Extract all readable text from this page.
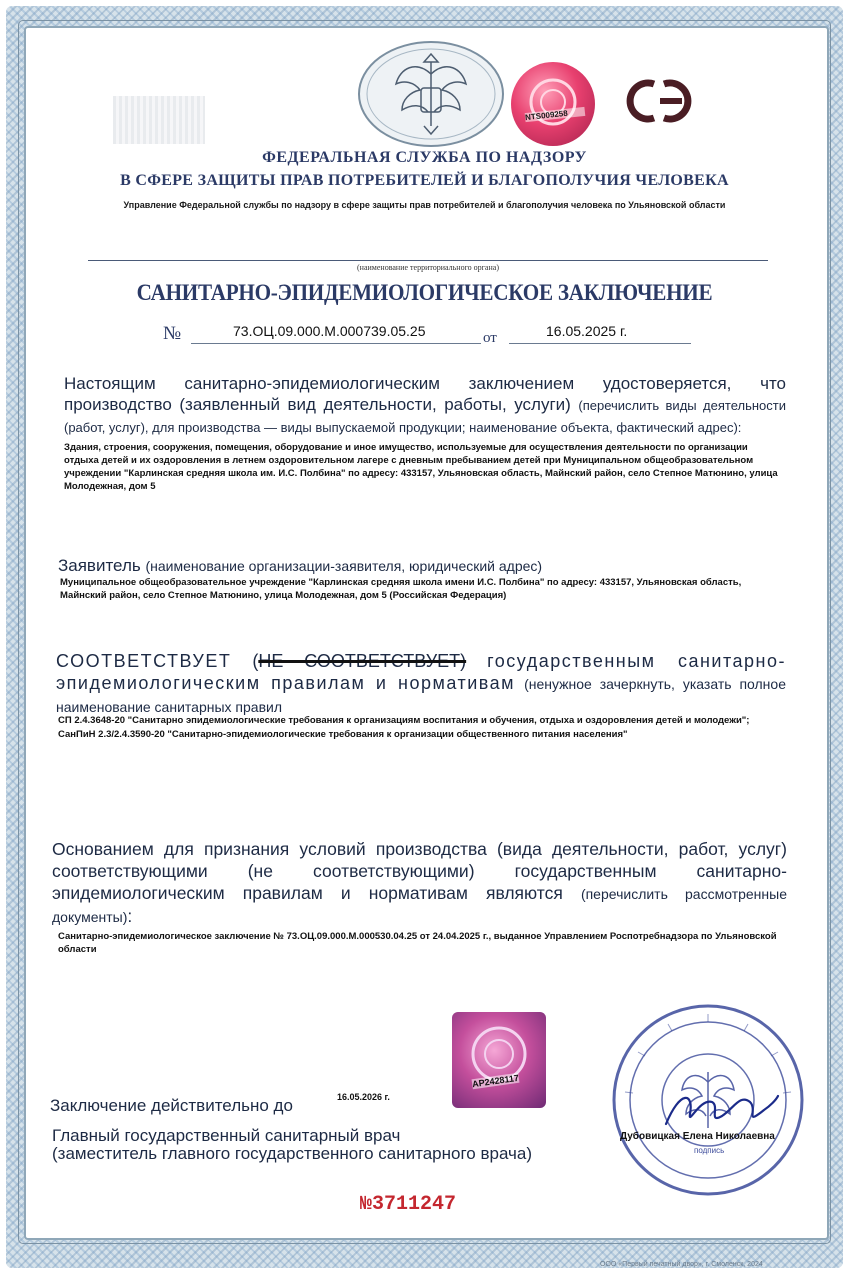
NTS009258
ФЕДЕРАЛЬНАЯ СЛУЖБА ПО НАДЗОРУ
В СФЕРЕ ЗАЩИТЫ ПРАВ ПОТРЕБИТЕЛЕЙ И БЛАГОПОЛУЧИЯ ЧЕЛОВЕКА
Управление Федеральной службы по надзору в сфере защиты прав потребителей и благополучия человека по Ульяновской области
(наименование территориального органа)
САНИТАРНО-ЭПИДЕМИОЛОГИЧЕСКОЕ ЗАКЛЮЧЕНИЕ
№	73.ОЦ.09.000.М.000739.05.25	от	16.05.2025 г.
Настоящим санитарно-эпидемиологическим заключением удостоверяется, что производство (заявленный вид деятельности, работы, услуги) (перечислить виды деятельности (работ, услуг), для производства — виды выпускаемой продукции; наименование объекта, фактический адрес):
Здания, строения, сооружения, помещения, оборудование и иное имущество, используемые для осуществления деятельности по организации отдыха детей и их оздоровления в летнем оздоровительном лагере с дневным пребыванием детей при Муниципальном общеобразовательном учреждении "Карлинская средняя школа им. И.С. Полбина" по адресу: 433157, Ульяновская область, Майнский район, село Степное Матюнино, улица Молодежная, дом 5
Заявитель (наименование организации-заявителя, юридический адрес)
Муниципальное общеобразовательное учреждение "Карлинская средняя школа имени И.С. Полбина" по адресу: 433157, Ульяновская область, Майнский район, село Степное Матюнино, улица Молодежная, дом 5 (Российская Федерация)
СООТВЕТСТВУЕТ (НЕ СООТВЕТСТВУЕТ) государственным санитарно-эпидемиологическим правилам и нормативам (ненужное зачеркнуть, указать полное наименование санитарных правил
СП 2.4.3648-20 "Санитарно эпидемиологические требования к организациям воспитания и обучения, отдыха и оздоровления детей и молодежи";
СанПиН 2.3/2.4.3590-20 "Санитарно-эпидемиологические требования к организации общественного питания населения"
Основанием для признания условий производства (вида деятельности, работ, услуг) соответствующими (не соответствующими) государственным санитарно-эпидемиологическим правилам и нормативам являются (перечислить рассмотренные документы):
Санитарно-эпидемиологическое заключение № 73.ОЦ.09.000.М.000530.04.25 от 24.04.2025 г., выданное Управлением Роспотребнадзора по Ульяновской области
AP2428117
Заключение действительно до	16.05.2026 г.
Главный государственный санитарный врач
(заместитель главного государственного санитарного врача)
Дубовицкая Елена Николаевна
подпись
№3711247
ООО «Первый печатный двор», г. Смоленск, 2024
